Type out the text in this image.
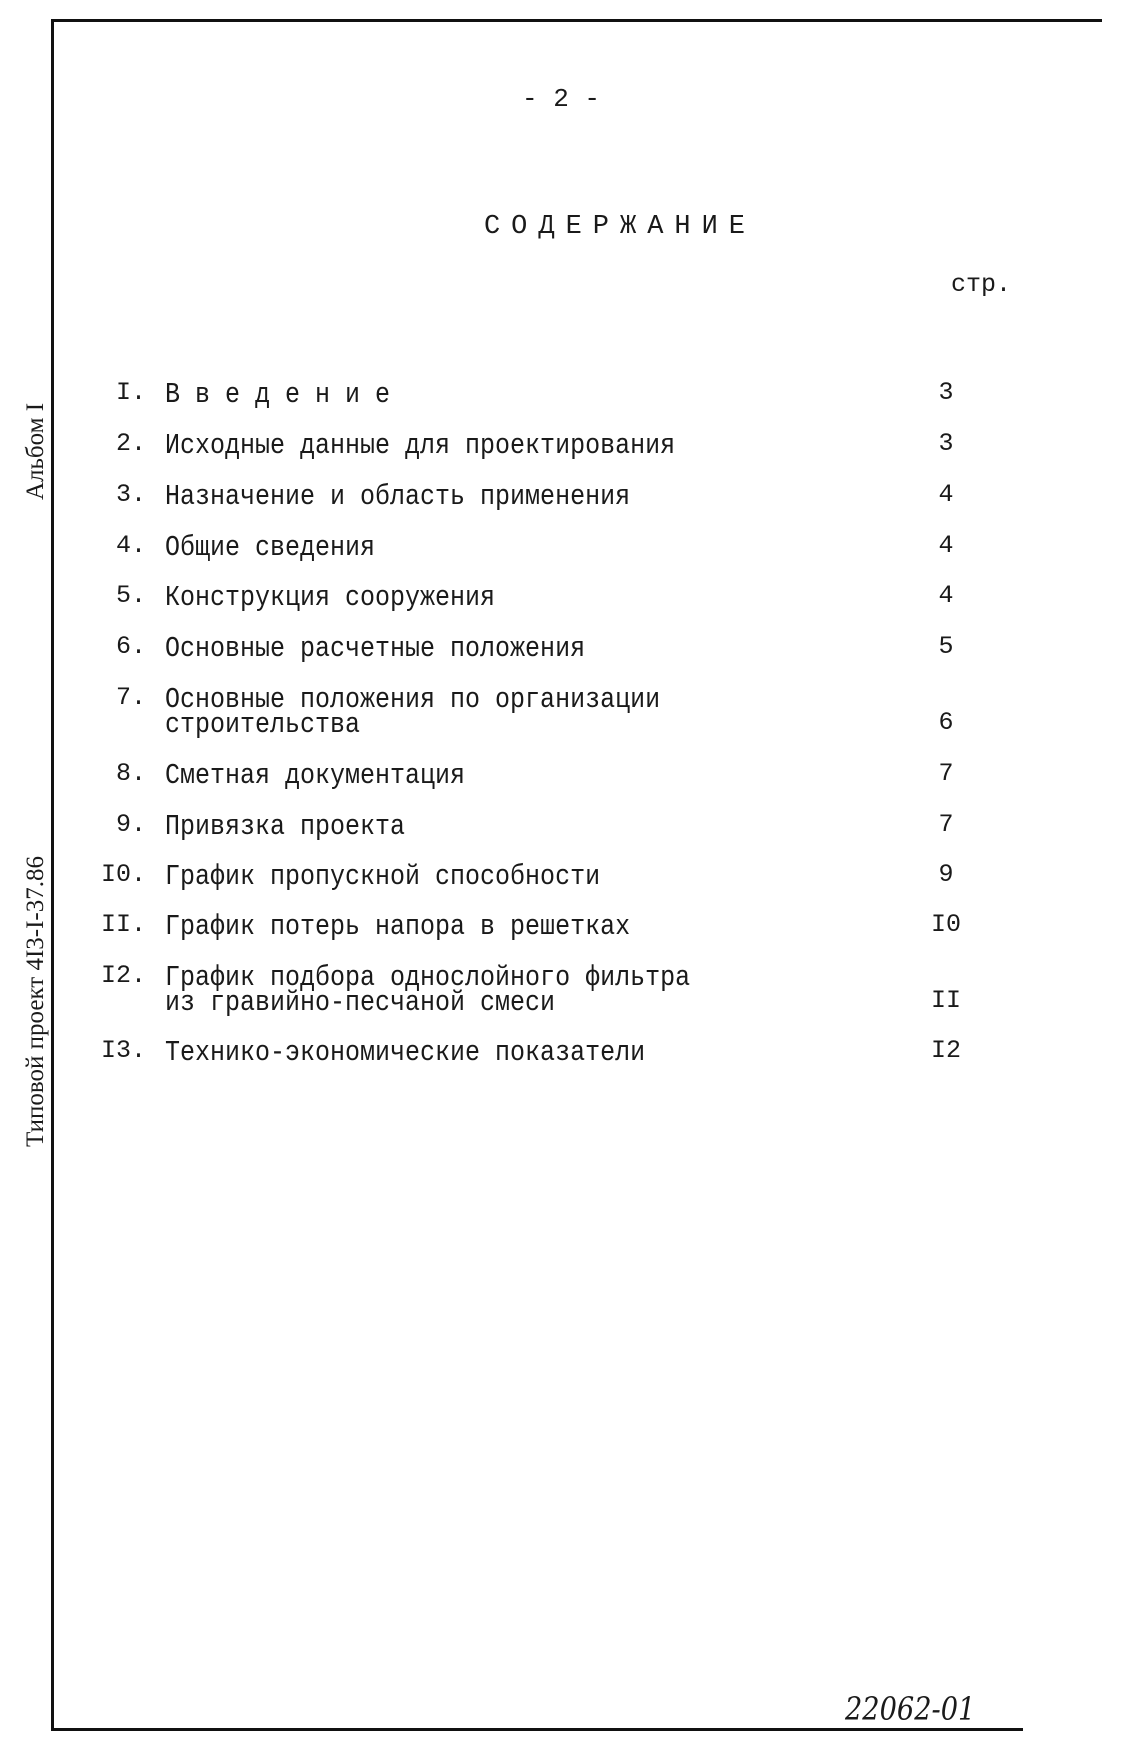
- 2 -
СОДЕРЖАНИЕ
стр.
Альбом I
Типовой проект 4I3-I-37.86
I. В в е д е н и е	3
2. Исходные данные для проектирования	3
3. Назначение и область применения	4
4. Общие сведения	4
5. Конструкция сооружения	4
6. Основные расчетные положения	5
7. Основные положения по организации
строительства	6
8. Сметная документация	7
9. Привязка проекта	7
I0. График пропускной способности	9
II. График потерь напора в решетках	I0
I2. График подбора однослойного фильтра
из гравийно-песчаной смеси	II
I3. Технико-экономические показатели	I2
22062-01
